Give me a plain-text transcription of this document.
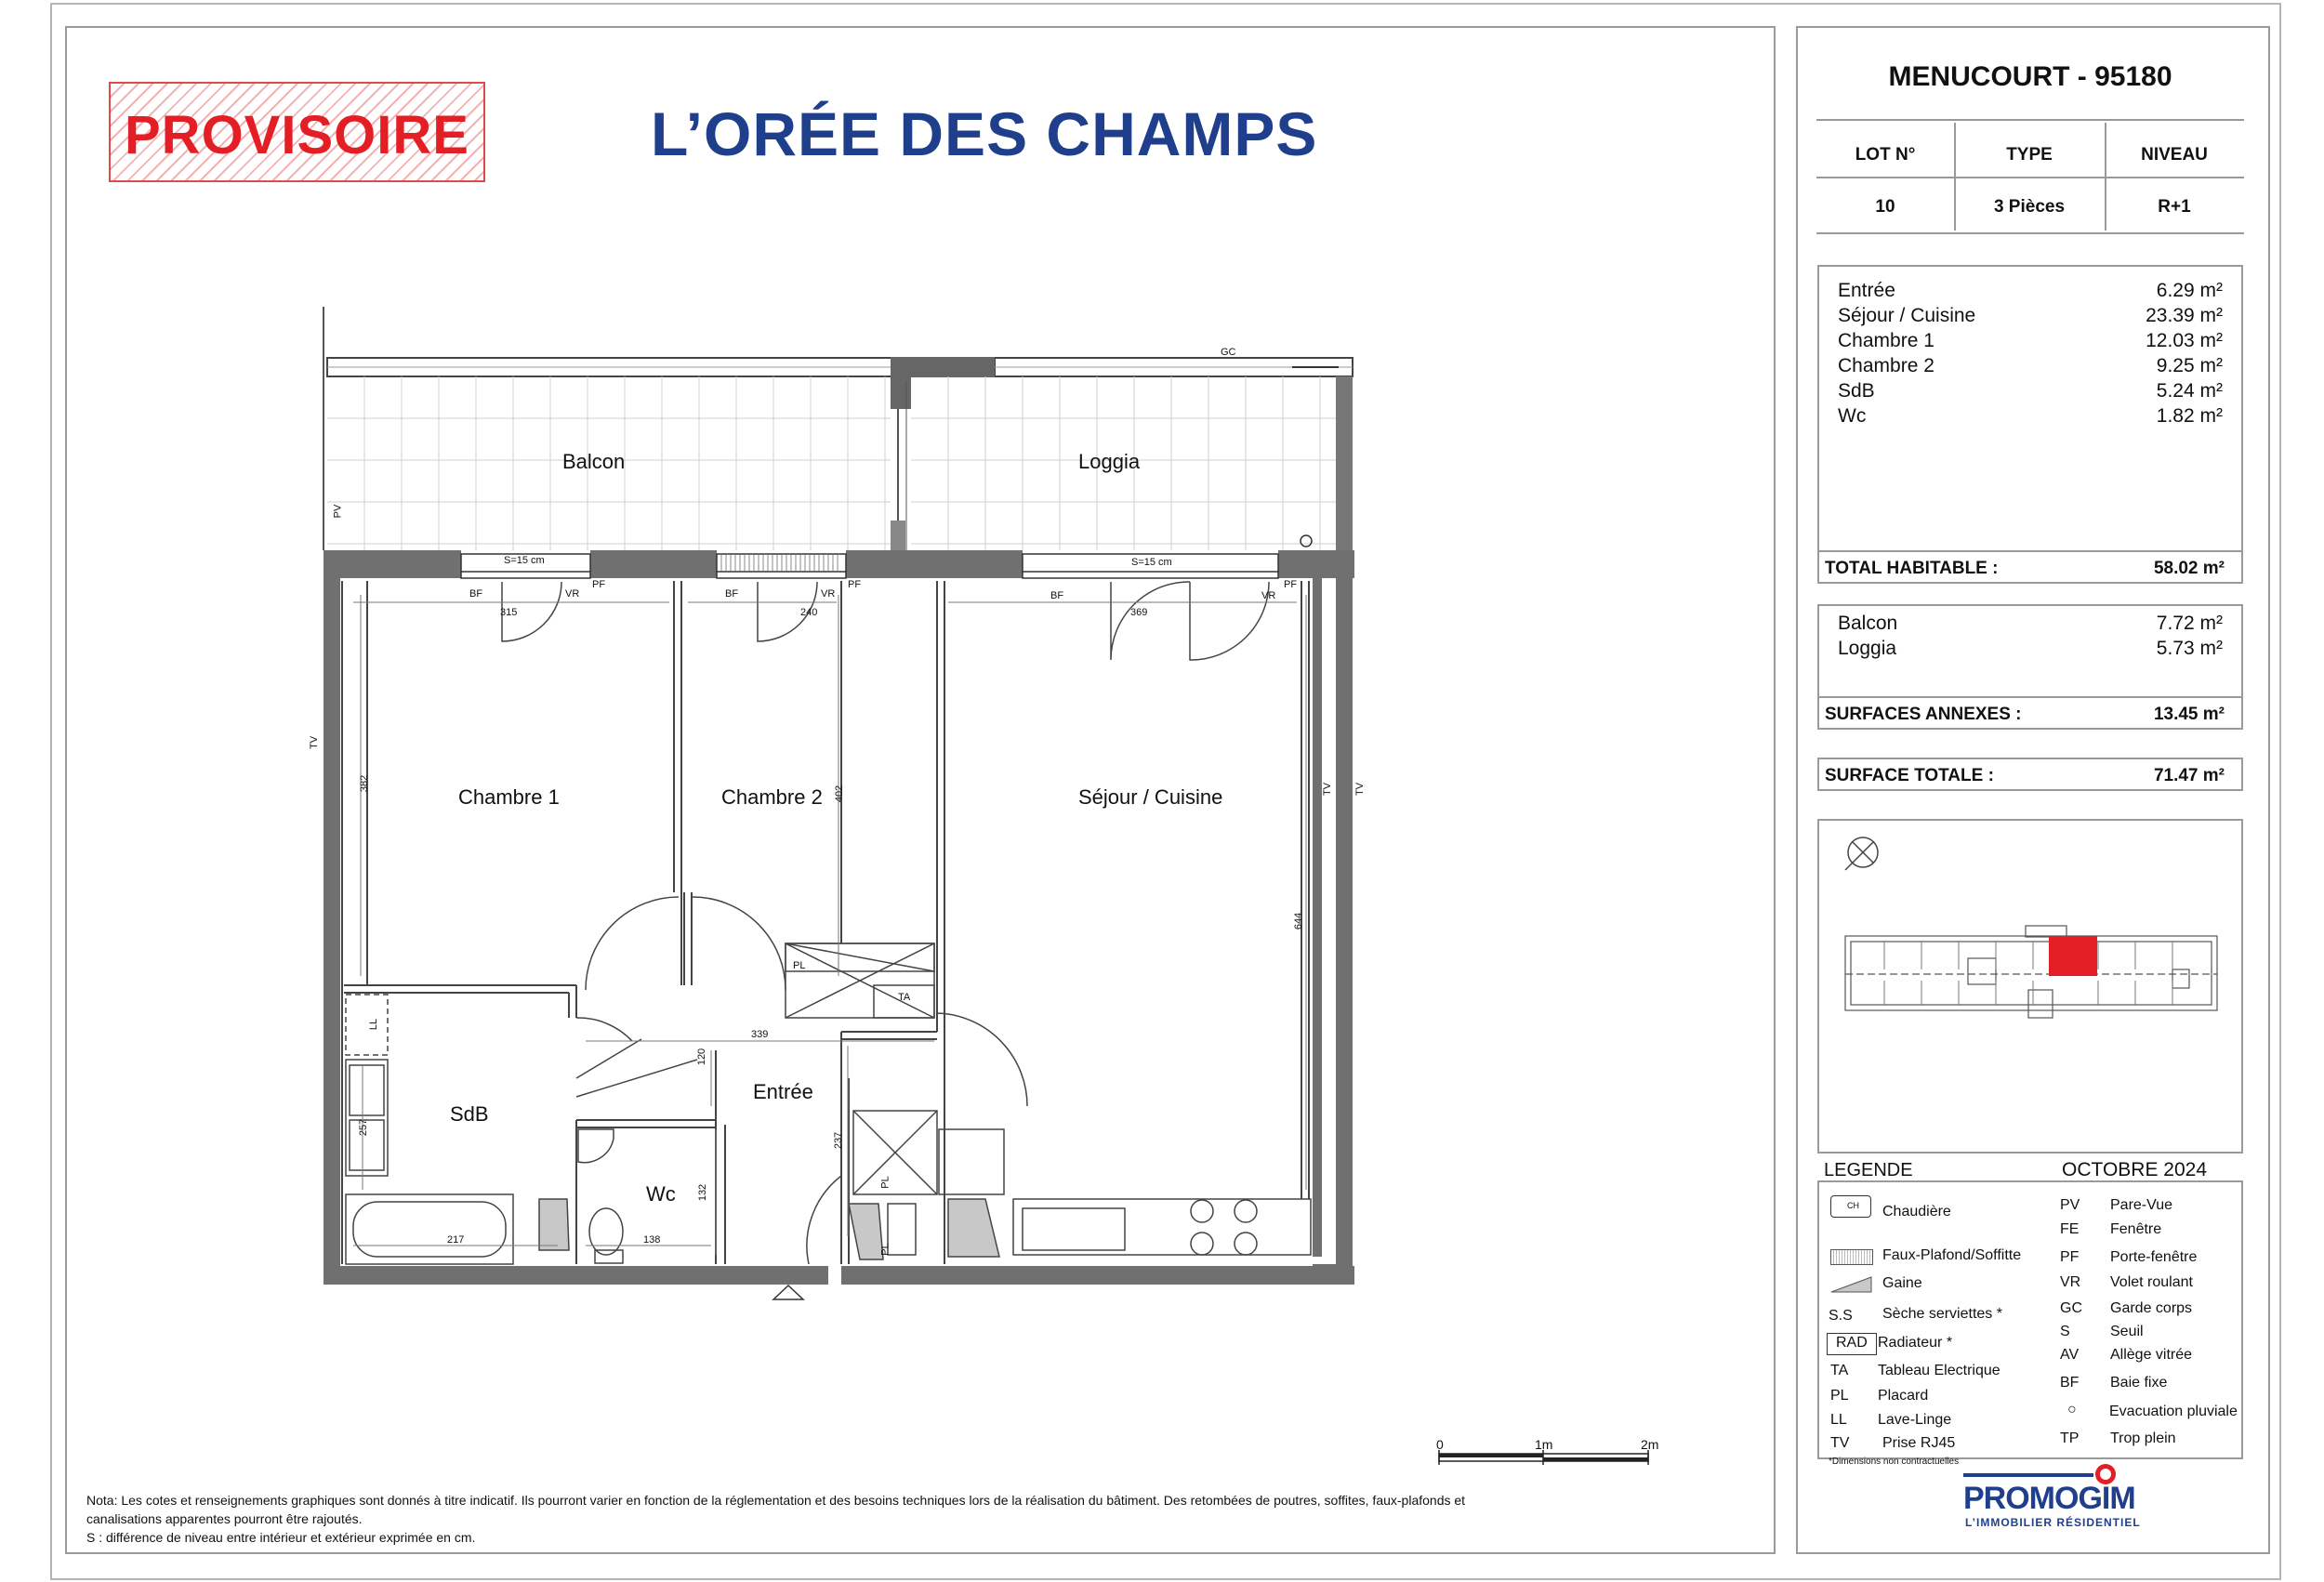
PROVISOIRE	L’ORÉE DES CHAMPS
Balcon	Loggia
Chambre 1	Chambre 2	Séjour / Cuisine
SdB
Wc
Entrée
GC
PV
S=15 cm	S=15 cm
TV
TV TV
PL
TA
PL
PL
LL
BF	VR
PF
BF	VR
PF
BF	VR
PF
315	240	369
382
402
644
339
120
257
237
132
217	138
0	1m	2m
Nota: Les cotes et renseignements graphiques sont donnés à titre indicatif. Ils pourront varier en fonction de la réglementation et des besoins techniques lors de la réalisation du bâtiment. Des retombées de poutres, soffites, faux-plafonds et
canalisations apparentes pourront être rajoutés.
S : différence de niveau entre intérieur et extérieur exprimée en cm.
MENUCOURT - 95180
LOT N°	TYPE	NIVEAU
10	3 Pièces	R+1
Entrée	6.29 m²
Séjour / Cuisine	23.39 m²
Chambre 1	12.03 m²
Chambre 2	9.25 m²
SdB	5.24 m²
Wc	1.82 m²
TOTAL HABITABLE :	58.02 m²
Balcon	7.72 m²
Loggia	5.73 m²
SURFACES ANNEXES :	13.45 m²
SURFACE TOTALE :	71.47 m²
LEGENDE	OCTOBRE 2024
CH Chaudière
Faux-Plafond/Soffitte
Gaine
S.S Sèche serviettes *
RAD Radiateur *
TA Tableau Electrique
PL Placard
LL Lave-Linge
TV Prise RJ45
PV Pare-Vue
FE Fenêtre
PF Porte-fenêtre
VR Volet roulant
GC Garde corps
S	Seuil
AV Allège vitrée
BF Baie fixe
○ Evacuation pluviale
TP Trop plein
*Dimensions non contractuelles
PROMOGIM
L’IMMOBILIER RÉSIDENTIEL
